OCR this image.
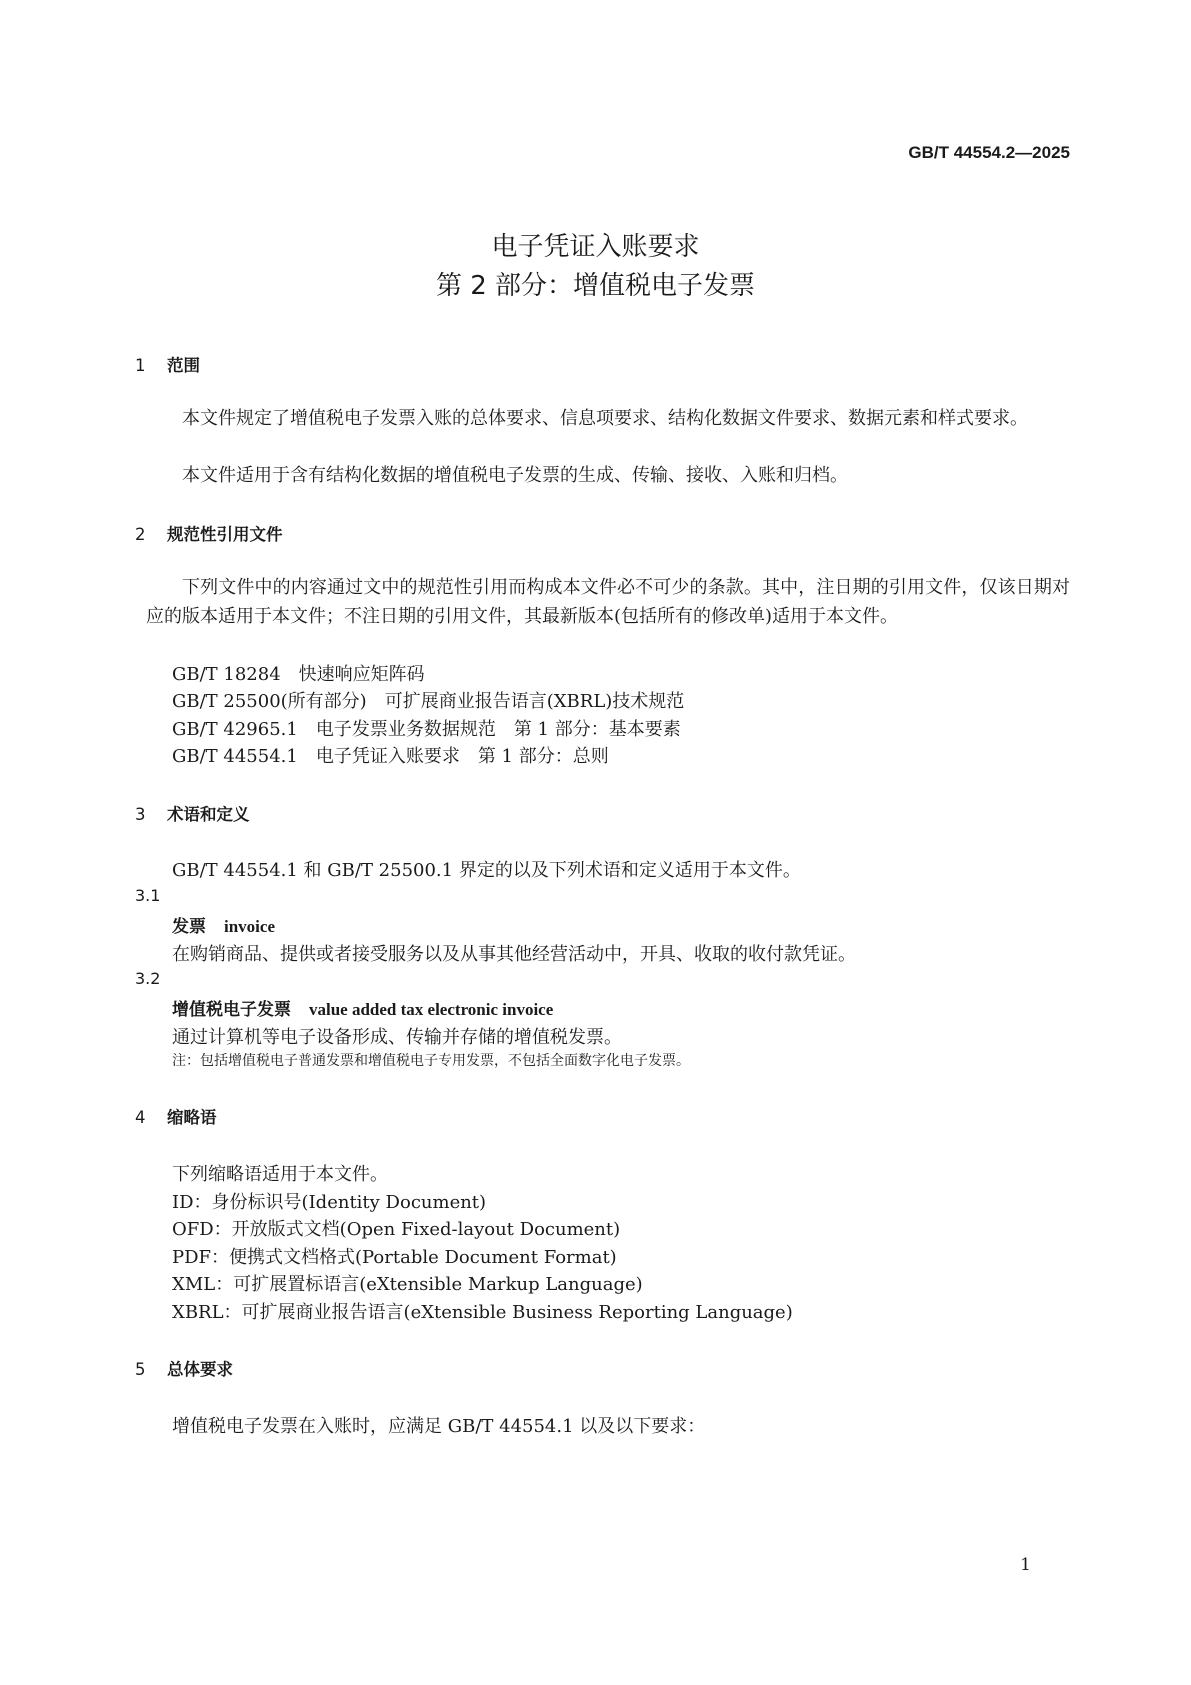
GB/T 44554.2—2025
电子凭证入账要求
第 2 部分：增值税电子发票
1 范围
本文件规定了增值税电子发票入账的总体要求、信息项要求、结构化数据文件要求、数据元素和样式要求。
本文件适用于含有结构化数据的增值税电子发票的生成、传输、接收、入账和归档。
2 规范性引用文件
下列文件中的内容通过文中的规范性引用而构成本文件必不可少的条款。其中，注日期的引用文件，仅该日期对应的版本适用于本文件；不注日期的引用文件，其最新版本(包括所有的修改单)适用于本文件。
GB/T 18284　快速响应矩阵码
GB/T 25500(所有部分)　可扩展商业报告语言(XBRL)技术规范
GB/T 42965.1　电子发票业务数据规范　第 1 部分：基本要素
GB/T 44554.1　电子凭证入账要求　第 1 部分：总则
3 术语和定义
GB/T 44554.1 和 GB/T 25500.1 界定的以及下列术语和定义适用于本文件。
3.1
发票 invoice
在购销商品、提供或者接受服务以及从事其他经营活动中，开具、收取的收付款凭证。
3.2
增值税电子发票 value added tax electronic invoice
通过计算机等电子设备形成、传输并存储的增值税发票。
注：包括增值税电子普通发票和增值税电子专用发票，不包括全面数字化电子发票。
4 缩略语
下列缩略语适用于本文件。
ID：身份标识号(Identity Document)
OFD：开放版式文档(Open Fixed-layout Document)
PDF：便携式文档格式(Portable Document Format)
XML：可扩展置标语言(eXtensible Markup Language)
XBRL：可扩展商业报告语言(eXtensible Business Reporting Language)
5 总体要求
增值税电子发票在入账时，应满足 GB/T 44554.1 以及以下要求：
1
